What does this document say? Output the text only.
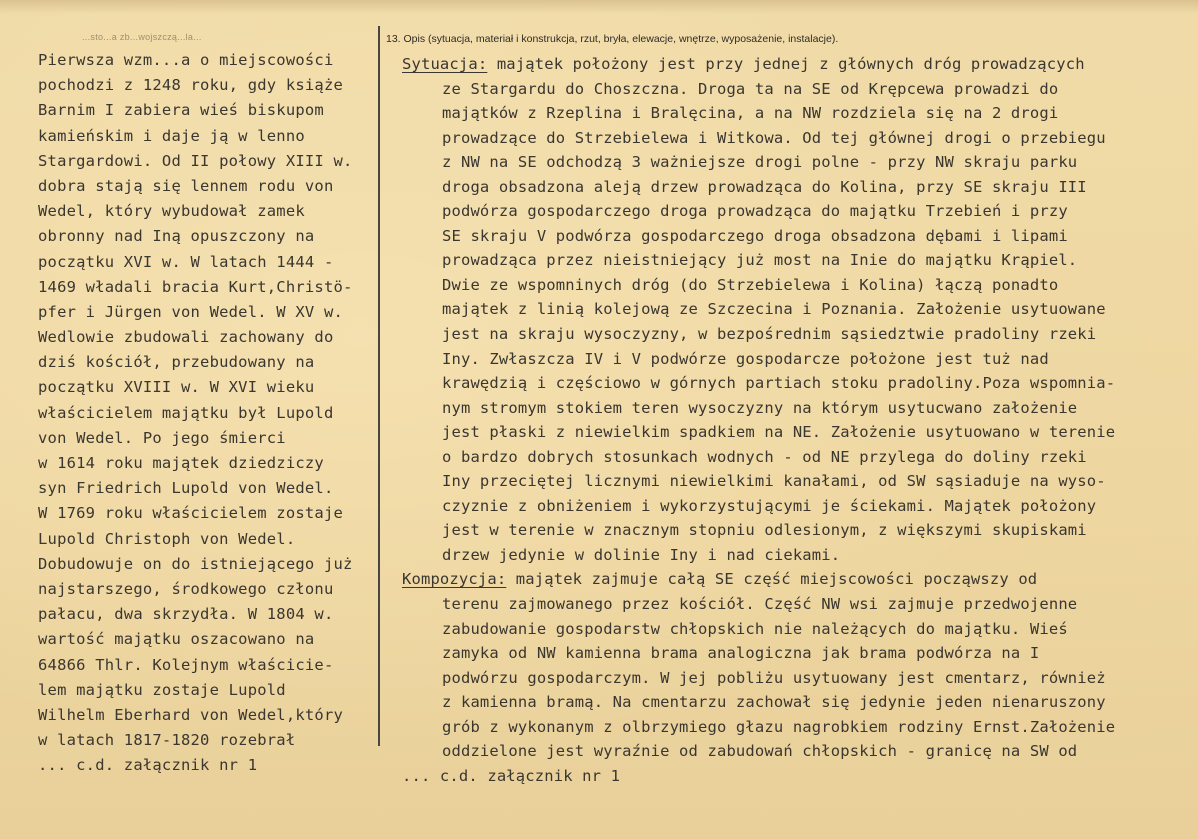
...sto...a zb...wojszczą...la...
Pierwsza wzm...a o miejscowości
pochodzi z 1248 roku, gdy książe
Barnim I zabiera wieś biskupom
kamieńskim i daje ją w lenno
Stargardowi. Od II połowy XIII w.
dobra stają się lennem rodu von
Wedel, który wybudował zamek
obronny nad Iną opuszczony na
początku XVI w. W latach 1444 -
1469 władali bracia Kurt,Christö-
pfer i Jürgen von Wedel. W XV w.
Wedlowie zbudowali zachowany do
dziś kościół, przebudowany na
początku XVIII w. W XVI wieku
właścicielem majątku był Lupold
von Wedel. Po jego śmierci
w 1614 roku majątek dziedziczy
syn Friedrich Lupold von Wedel.
W 1769 roku właścicielem zostaje
Lupold Christoph von Wedel.
Dobudowuje on do istniejącego już
najstarszego, środkowego członu
pałacu, dwa skrzydła. W 1804 w.
wartość majątku oszacowano na
64866 Thlr. Kolejnym właścicie-
lem majątku zostaje Lupold
Wilhelm Eberhard von Wedel,który
w latach 1817-1820 rozebrał
... c.d. załącznik nr 1
13. Opis (sytuacja, materiał i konstrukcja, rzut, bryła, elewacje, wnętrze, wyposażenie, instalacje).
Sytuacja: majątek położony jest przy jednej z głównych dróg prowadzących
ze Stargardu do Choszczna. Droga ta na SE od Krępcewa prowadzi do
majątków z Rzeplina i Bralęcina, a na NW rozdziela się na 2 drogi
prowadzące do Strzebielewa i Witkowa. Od tej głównej drogi o przebiegu
z NW na SE odchodzą 3 ważniejsze drogi polne - przy NW skraju parku
droga obsadzona aleją drzew prowadząca do Kolina, przy SE skraju III
podwórza gospodarczego droga prowadząca do majątku Trzebień i przy
SE skraju V podwórza gospodarczego droga obsadzona dębami i lipami
prowadząca przez nieistniejący już most na Inie do majątku Krąpiel.
Dwie ze wspomninych dróg (do Strzebielewa i Kolina) łączą ponadto
majątek z linią kolejową ze Szczecina i Poznania. Założenie usytuowane
jest na skraju wysoczyzny, w bezpośrednim sąsiedztwie pradoliny rzeki
Iny. Zwłaszcza IV i V podwórze gospodarcze położone jest tuż nad
krawędzią i częściowo w górnych partiach stoku pradoliny.Poza wspomnia-
nym stromym stokiem teren wysoczyzny na którym usytucwano założenie
jest płaski z niewielkim spadkiem na NE. Założenie usytuowano w terenie
o bardzo dobrych stosunkach wodnych - od NE przylega do doliny rzeki
Iny przeciętej licznymi niewielkimi kanałami, od SW sąsiaduje na wyso-
czyznie z obniżeniem i wykorzystującymi je ściekami. Majątek położony
jest w terenie w znacznym stopniu odlesionym, z większymi skupiskami
drzew jedynie w dolinie Iny i nad ciekami.
Kompozycja: majątek zajmuje całą SE część miejscowości począwszy od
terenu zajmowanego przez kościół. Część NW wsi zajmuje przedwojenne
zabudowanie gospodarstw chłopskich nie należących do majątku. Wieś
zamyka od NW kamienna brama analogiczna jak brama podwórza na I
podwórzu gospodarczym. W jej pobliżu usytuowany jest cmentarz, również
z kamienna bramą. Na cmentarzu zachował się jedynie jeden nienaruszony
grób z wykonanym z olbrzymiego głazu nagrobkiem rodziny Ernst.Założenie
oddzielone jest wyraźnie od zabudowań chłopskich - granicę na SW od
... c.d. załącznik nr 1
